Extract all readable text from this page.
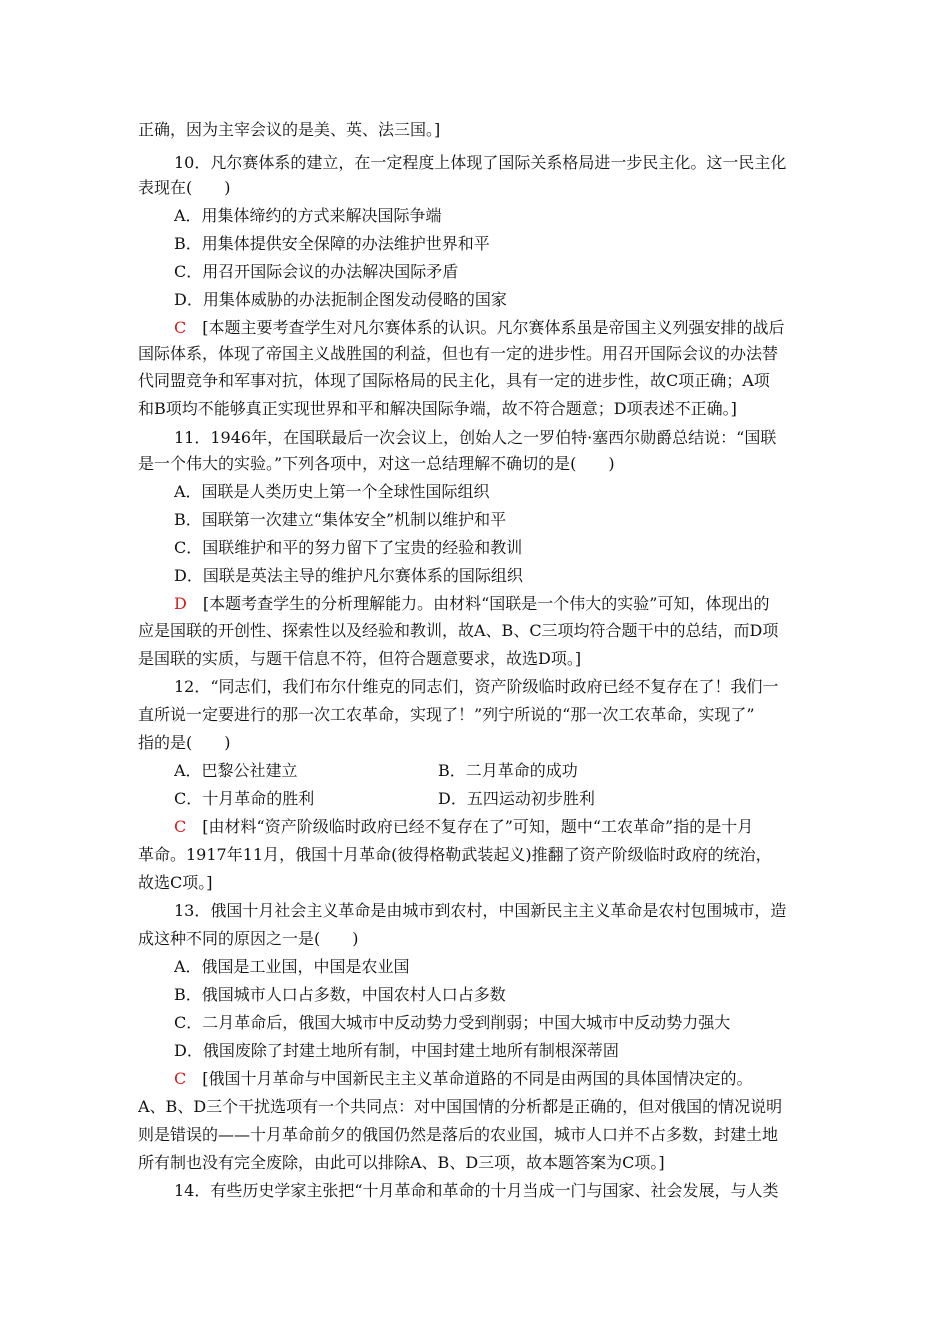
正确，因为主宰会议的是美、英、法三国。]
10．凡尔赛体系的建立，在一定程度上体现了国际关系格局进一步民主化。这一民主化
表现在(　　)
A．用集体缔约的方式来解决国际争端
B．用集体提供安全保障的办法维护世界和平
C．用召开国际会议的办法解决国际矛盾
D．用集体威胁的办法扼制企图发动侵略的国家
C　 [本题主要考查学生对凡尔赛体系的认识。凡尔赛体系虽是帝国主义列强安排的战后
国际体系，体现了帝国主义战胜国的利益，但也有一定的进步性。用召开国际会议的办法替
代同盟竞争和军事对抗，体现了国际格局的民主化，具有一定的进步性，故C项正确；A项
和B项均不能够真正实现世界和平和解决国际争端，故不符合题意；D项表述不正确。]
11．1946年，在国联最后一次会议上，创始人之一罗伯特·塞西尔勋爵总结说：“国联
是一个伟大的实验。”下列各项中，对这一总结理解不确切的是(　　)
A．国联是人类历史上第一个全球性国际组织
B．国联第一次建立“集体安全”机制以维护和平
C．国联维护和平的努力留下了宝贵的经验和教训
D．国联是英法主导的维护凡尔赛体系的国际组织
D　 [本题考查学生的分析理解能力。由材料“国联是一个伟大的实验”可知，体现出的
应是国联的开创性、探索性以及经验和教训，故A、B、C三项均符合题干中的总结，而D项
是国联的实质，与题干信息不符，但符合题意要求，故选D项。]
12．“同志们，我们布尔什维克的同志们，资产阶级临时政府已经不复存在了！我们一
直所说一定要进行的那一次工农革命，实现了！”列宁所说的“那一次工农革命，实现了”
指的是(　　)
A．巴黎公社建立	B．二月革命的成功
C．十月革命的胜利	D．五四运动初步胜利
C　 [由材料“资产阶级临时政府已经不复存在了”可知，题中“工农革命”指的是十月
革命。1917年11月，俄国十月革命(彼得格勒武装起义)推翻了资产阶级临时政府的统治，
故选C项。]
13．俄国十月社会主义革命是由城市到农村，中国新民主主义革命是农村包围城市，造
成这种不同的原因之一是(　　)
A．俄国是工业国，中国是农业国
B．俄国城市人口占多数，中国农村人口占多数
C．二月革命后，俄国大城市中反动势力受到削弱；中国大城市中反动势力强大
D．俄国废除了封建土地所有制，中国封建土地所有制根深蒂固
C　 [俄国十月革命与中国新民主主义革命道路的不同是由两国的具体国情决定的。
A、B、D三个干扰选项有一个共同点：对中国国情的分析都是正确的，但对俄国的情况说明
则是错误的——十月革命前夕的俄国仍然是落后的农业国，城市人口并不占多数，封建土地
所有制也没有完全废除，由此可以排除A、B、D三项，故本题答案为C项。]
14．有些历史学家主张把“十月革命和革命的十月当成一门与国家、社会发展，与人类
